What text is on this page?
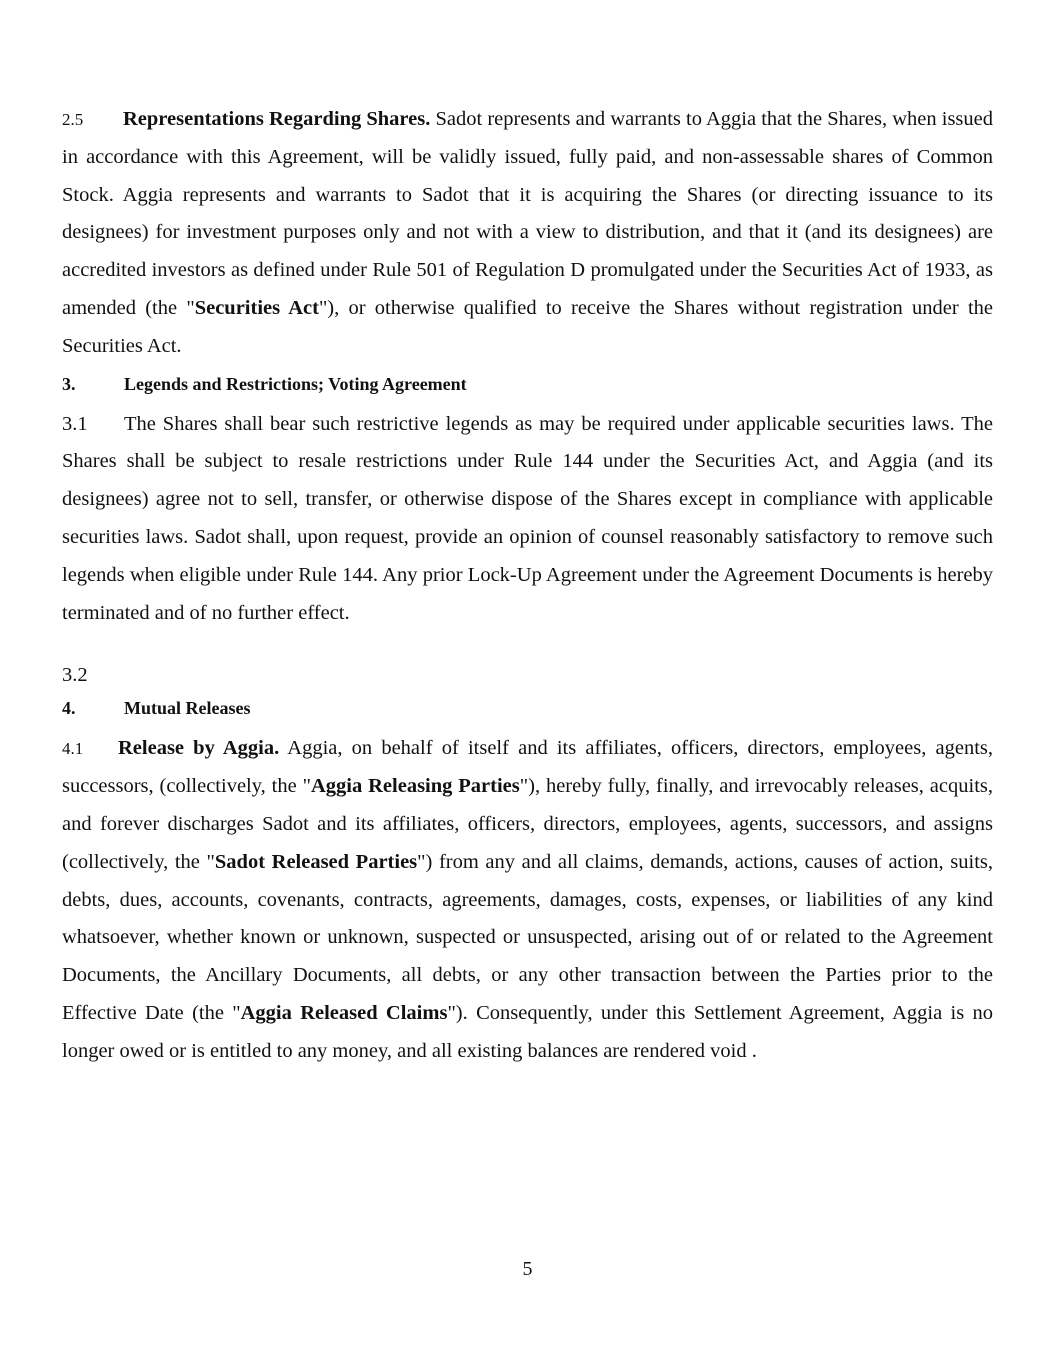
2.5 Representations Regarding Shares. Sadot represents and warrants to Aggia that the Shares, when issued in accordance with this Agreement, will be validly issued, fully paid, and non-assessable shares of Common Stock. Aggia represents and warrants to Sadot that it is acquiring the Shares (or directing issuance to its designees) for investment purposes only and not with a view to distribution, and that it (and its designees) are accredited investors as defined under Rule 501 of Regulation D promulgated under the Securities Act of 1933, as amended (the "Securities Act"), or otherwise qualified to receive the Shares without registration under the Securities Act.

3.	Legends and Restrictions; Voting Agreement

3.1 The Shares shall bear such restrictive legends as may be required under applicable securities laws. The Shares shall be subject to resale restrictions under Rule 144 under the Securities Act, and Aggia (and its designees) agree not to sell, transfer, or otherwise dispose of the Shares except in compliance with applicable securities laws. Sadot shall, upon request, provide an opinion of counsel reasonably satisfactory to remove such legends when eligible under Rule 144. Any prior Lock-Up Agreement under the Agreement Documents is hereby terminated and of no further effect.

3.2

4.	Mutual Releases

4.1 Release by Aggia. Aggia, on behalf of itself and its affiliates, officers, directors, employees, agents, successors, (collectively, the "Aggia Releasing Parties"), hereby fully, finally, and irrevocably releases, acquits, and forever discharges Sadot and its affiliates, officers, directors, employees, agents, successors, and assigns (collectively, the "Sadot Released Parties") from any and all claims, demands, actions, causes of action, suits, debts, dues, accounts, covenants, contracts, agreements, damages, costs, expenses, or liabilities of any kind whatsoever, whether known or unknown, suspected or unsuspected, arising out of or related to the Agreement Documents, the Ancillary Documents, all debts, or any other transaction between the Parties prior to the Effective Date (the "Aggia Released Claims"). Consequently, under this Settlement Agreement, Aggia is no longer owed or is entitled to any money, and all existing balances are rendered void .

5
